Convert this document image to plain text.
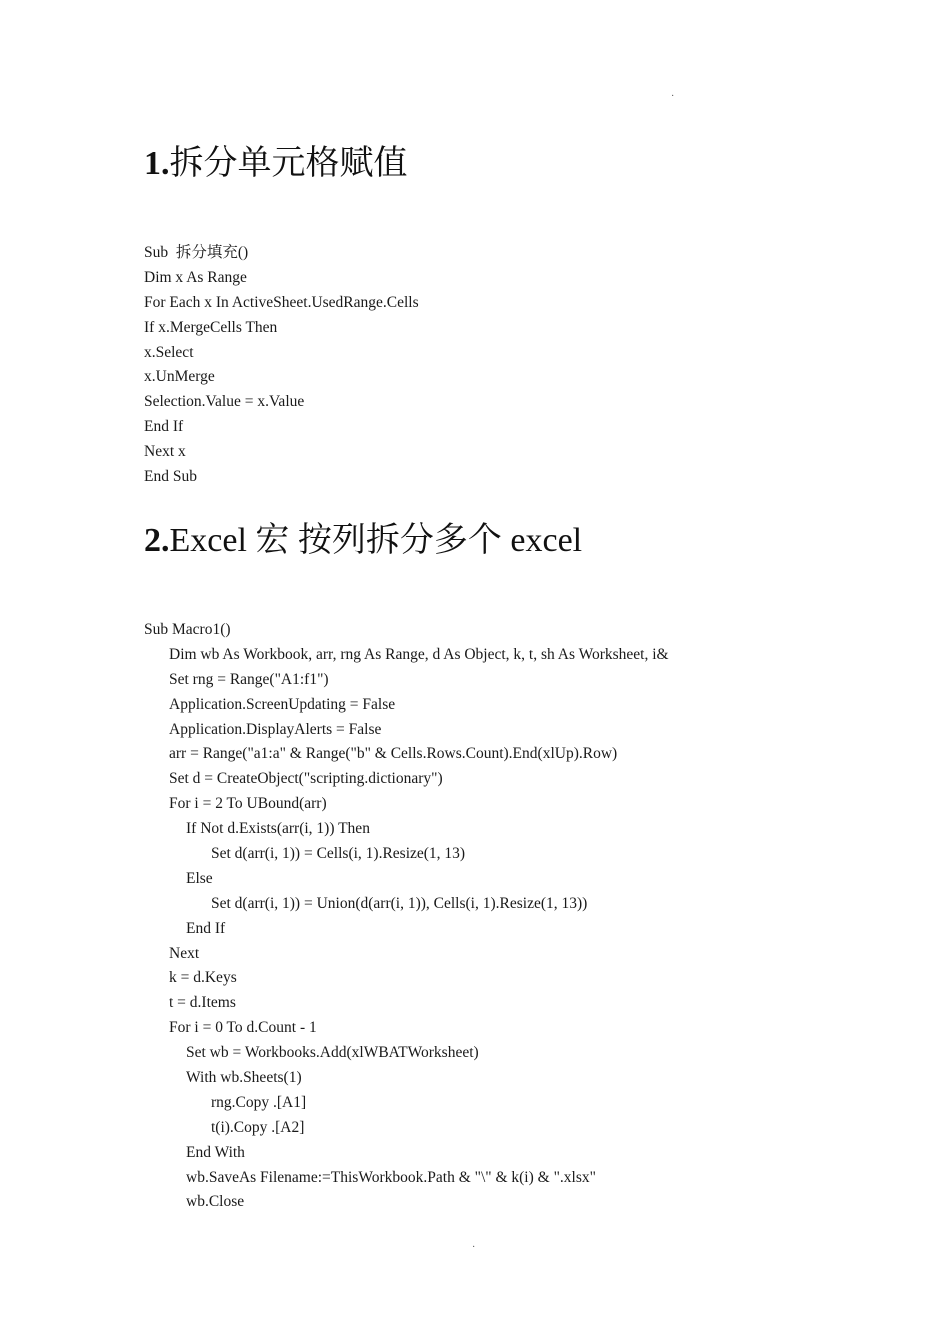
·
1.拆分单元格赋值
Sub  拆分填充()
Dim x As Range
For Each x In ActiveSheet.UsedRange.Cells
If x.MergeCells Then
x.Select
x.UnMerge
Selection.Value = x.Value
End If
Next x
End Sub
2.Excel 宏 按列拆分多个 excel
Sub Macro1()
Dim wb As Workbook, arr, rng As Range, d As Object, k, t, sh As Worksheet, i&
Set rng = Range("A1:f1")
Application.ScreenUpdating = False
Application.DisplayAlerts = False
arr = Range("a1:a" & Range("b" & Cells.Rows.Count).End(xlUp).Row)
Set d = CreateObject("scripting.dictionary")
For i = 2 To UBound(arr)
If Not d.Exists(arr(i, 1)) Then
Set d(arr(i, 1)) = Cells(i, 1).Resize(1, 13)
Else
Set d(arr(i, 1)) = Union(d(arr(i, 1)), Cells(i, 1).Resize(1, 13))
End If
Next
k = d.Keys
t = d.Items
For i = 0 To d.Count - 1
Set wb = Workbooks.Add(xlWBATWorksheet)
With wb.Sheets(1)
rng.Copy .[A1]
t(i).Copy .[A2]
End With
wb.SaveAs Filename:=ThisWorkbook.Path & "\" & k(i) & ".xlsx"
wb.Close
·
